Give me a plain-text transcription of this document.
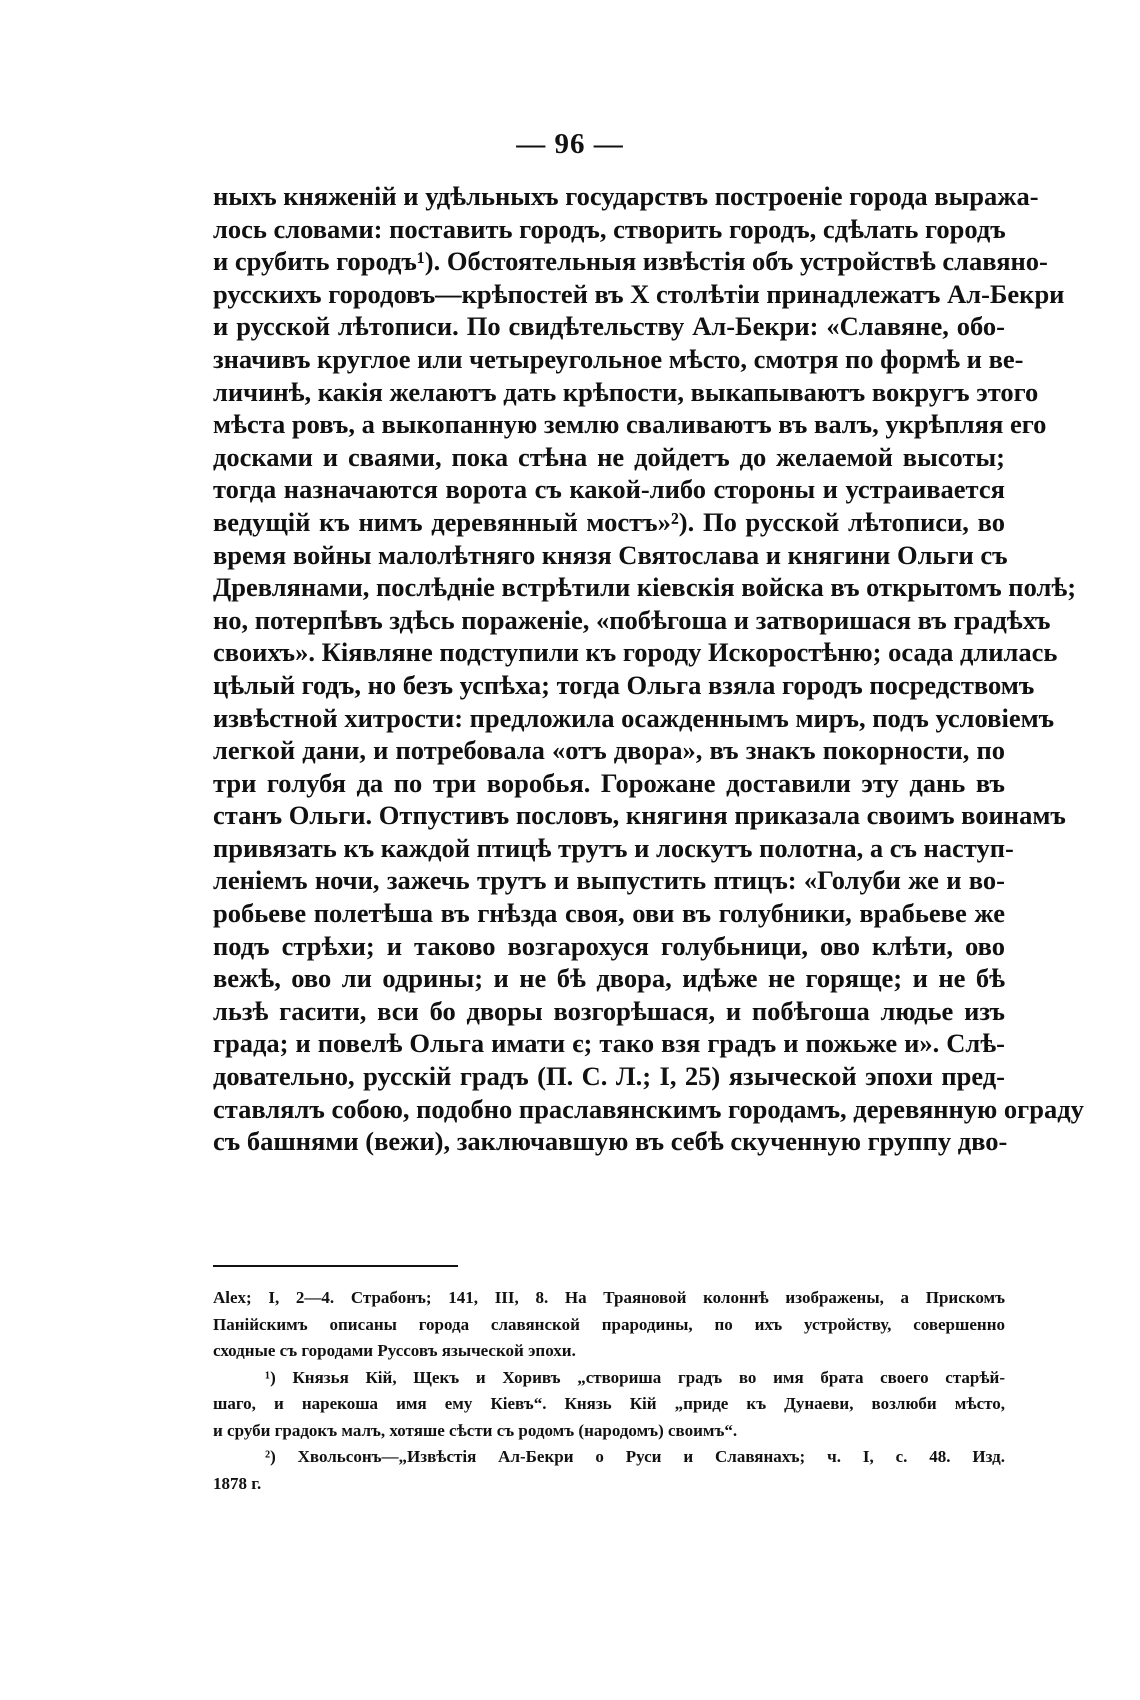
— 96 —
ныхъ княженій и удѣльныхъ государствъ построеніе города выража-
лось словами: поставить городъ, створить городъ, сдѣлать городъ
и срубить городъ¹). Обстоятельныя извѣстія объ устройствѣ славяно-
русскихъ городовъ—крѣпостей въ X столѣтіи принадлежатъ Ал-Бекри
и русской лѣтописи. По свидѣтельству Ал-Бекри: «Славяне, обо-
значивъ круглое или четыреугольное мѣсто, смотря по формѣ и ве-
личинѣ, какія желаютъ дать крѣпости, выкапываютъ вокругъ этого
мѣста ровъ, а выкопанную землю сваливаютъ въ валъ, укрѣпляя его
досками и сваями, пока стѣна не дойдетъ до желаемой высоты;
тогда назначаются ворота съ какой-либо стороны и устраивается
ведущій къ нимъ деревянный мостъ»²). По русской лѣтописи, во
время войны малолѣтняго князя Святослава и княгини Ольги съ
Древлянами, послѣдніе встрѣтили кіевскія войска въ открытомъ полѣ;
но, потерпѣвъ здѣсь пораженіе, «побѣгоша и затворишася въ градѣхъ
своихъ». Кіявляне подступили къ городу Искоростѣню; осада длилась
цѣлый годъ, но безъ успѣха; тогда Ольга взяла городъ посредствомъ
извѣстной хитрости: предложила осажденнымъ миръ, подъ условіемъ
легкой дани, и потребовала «отъ двора», въ знакъ покорности, по
три голубя да по три воробья. Горожане доставили эту дань въ
станъ Ольги. Отпустивъ пословъ, княгиня приказала своимъ воинамъ
привязать къ каждой птицѣ трутъ и лоскутъ полотна, а съ наступ-
леніемъ ночи, зажечь трутъ и выпустить птицъ: «Голуби же и во-
робьеве полетѣша въ гнѣзда своя, ови въ голубники, врабьеве же
подъ стрѣхи; и таково возгарохуся голубьници, ово клѣти, ово
вежѣ, ово ли одрины; и не бѣ двора, идѣже не горяще; и не бѣ
льзѣ гасити, вси бо дворы возгорѣшася, и побѣгоша людье изъ
града; и повелѣ Ольга имати є; тако взя градъ и пожьже и». Слѣ-
довательно, русскій градъ (П. С. Л.; I, 25) языческой эпохи пред-
ставлялъ собою, подобно праславянскимъ городамъ, деревянную ограду
съ башнями (вежи), заключавшую въ себѣ скученную группу дво-
Alex; I, 2—4. Страбонъ; 141, III, 8. На Траяновой колоннѣ изображены, а Прискомъ
Панійскимъ описаны города славянской прародины, по ихъ устройству, совершенно
сходные съ городами Руссовъ языческой эпохи.
¹) Князья Кій, Щекъ и Хоривъ „створиша градъ во имя брата своего старѣй-
шаго, и нарекоша имя ему Кіевъ“. Князь Кій „приде къ Дунаеви, возлюби мѣсто,
и сруби градокъ малъ, хотяше сѣсти съ родомъ (народомъ) своимъ“.
²) Хвольсонъ—„Извѣстія Ал-Бекри о Руси и Славянахъ; ч. I, с. 48. Изд.
1878 г.
